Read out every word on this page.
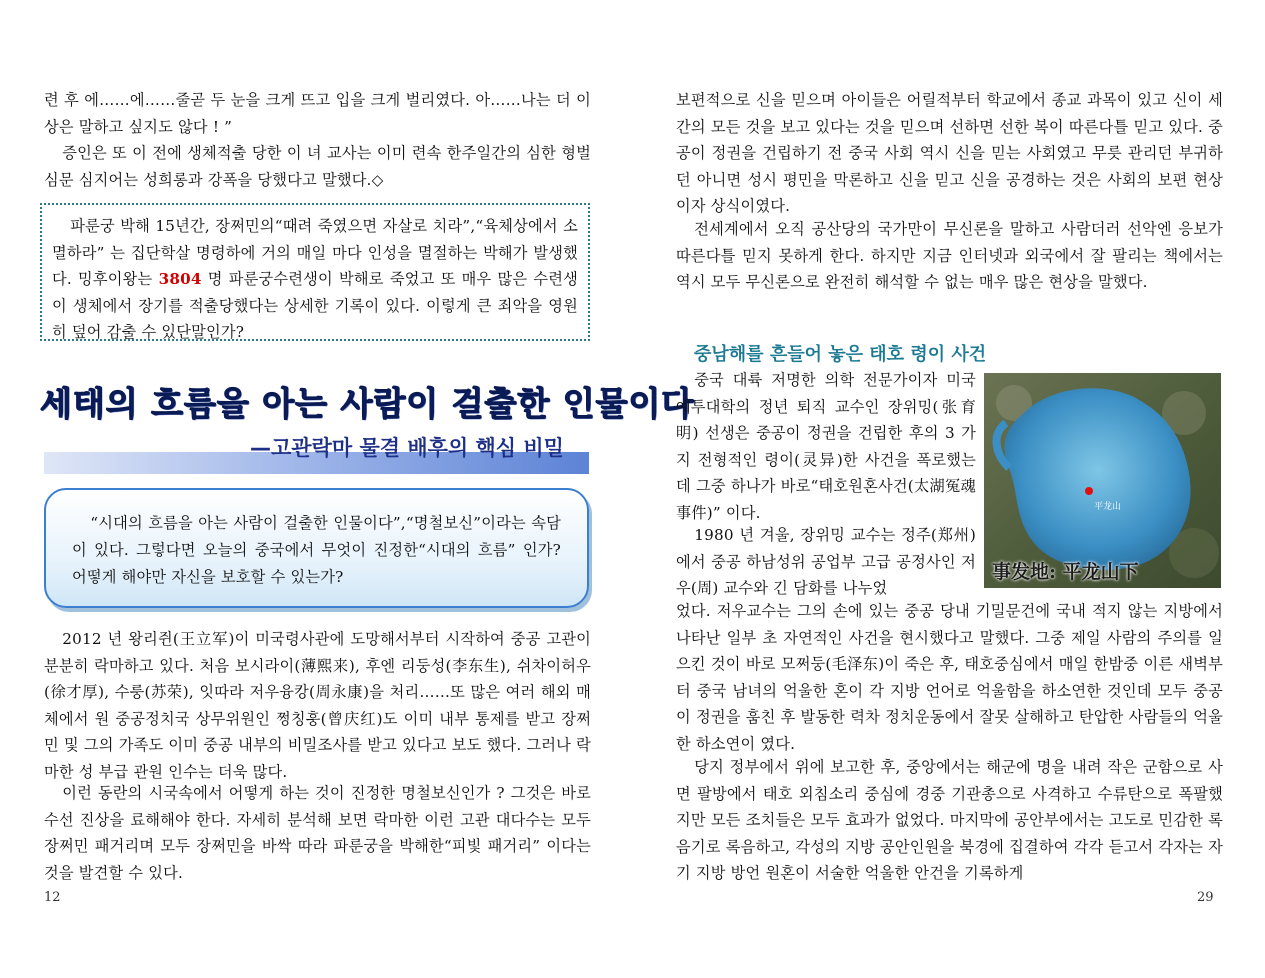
련 후 에……에……줄곧 두 눈을 크게 뜨고 입을 크게 벌리였다. 아……나는 더 이상은 말하고 싶지도 않다 ! ”

증인은 또 이 전에 생체적출 당한 이 녀 교사는 이미 련속 한주일간의 심한 형벌 심문 심지어는 성희롱과 강폭을 당했다고 말했다.◇

파룬궁 박해 15년간, 장쩌민의“때려 죽였으면 자살로 치라”,“육체상에서 소멸하라” 는 집단학살 명령하에 거의 매일 마다 인성을 멸절하는 박해가 발생했다. 밍후이왕는 3804 명 파룬궁수련생이 박해로 죽었고 또 매우 많은 수련생이 생체에서 장기를 적출당했다는 상세한 기록이 있다. 이렇게 큰 죄악을 영원히 덮어 감출 수 있단말인가?

세태의 흐름을 아는 사람이 걸출한 인물이다
—고관락마 물결 배후의 핵심 비밀

“시대의 흐름을 아는 사람이 걸출한 인물이다”,“명철보신”이라는 속담이 있다. 그렇다면 오늘의 중국에서 무엇이 진정한“시대의 흐름” 인가? 어떻게 해야만 자신을 보호할 수 있는가?

2012 년 왕리쥔(王立军)이 미국령사관에 도망해서부터 시작하여 중공 고관이 분분히 락마하고 있다. 처음 보시라이(薄熙来), 후엔 리둥성(李东生), 쉬차이허우(徐才厚), 수룽(苏荣), 잇따라 저우융캉(周永康)을 처리……또 많은 여러 해외 매체에서 원 중공정치국 상무위원인 쩡칭훙(曾庆红)도 이미 내부 통제를 받고 장쩌민 및 그의 가족도 이미 중공 내부의 비밀조사를 받고 있다고 보도 했다. 그러나 락마한 성 부급 관원 인수는 더욱 많다.

이런 동란의 시국속에서 어떻게 하는 것이 진정한 명철보신인가 ? 그것은 바로 수선 진상을 료해해야 한다. 자세히 분석해 보면 락마한 이런 고관 대다수는 모두 장쩌민 패거리며 모두 장쩌민을 바싹 따라 파룬궁을 박해한“피빛 패거리” 이다는 것을 발견할 수 있다.

12

보편적으로 신을 믿으며 아이들은 어릴적부터 학교에서 종교 과목이 있고 신이 세간의 모든 것을 보고 있다는 것을 믿으며 선하면 선한 복이 따른다틀 믿고 있다. 중공이 정권을 건립하기 전 중국 사회 역시 신을 믿는 사회였고 무릇 관리던 부귀하던 아니면 성시 평민을 막론하고 신을 믿고 신을 공경하는 것은 사회의 보편 현상이자 상식이였다.

전세계에서 오직 공산당의 국가만이 무신론을 말하고 사람더러 선악엔 응보가 따른다틀 믿지 못하게 한다. 하지만 지금 인터넷과 외국에서 잘 팔리는 책에서는 역시 모두 무신론으로 완전히 해석할 수 없는 매우 많은 현상을 말했다.

중남해를 흔들어 놓은 태호 령이 사건

중국 대륙 저명한 의학 전문가이자 미국 예투대학의 정년 퇴직 교수인 장위밍(张育明) 선생은 중공이 정권을 건립한 후의 3 가지 전형적인 령이(灵异)한 사건을 폭로했는데 그중 하나가 바로“태호원혼사건(太湖冤魂事件)” 이다.

1980 년 겨울, 장위밍 교수는 정주(郑州)에서 중공 하남성위 공업부 고급 공정사인 저우(周) 교수와 긴 담화를 나누었

平龙山
事发地: 平龙山下

었다. 저우교수는 그의 손에 있는 중공 당내 기밀문건에 국내 적지 않는 지방에서 나타난 일부 초 자연적인 사건을 현시했다고 말했다. 그중 제일 사람의 주의를 일으킨 것이 바로 모쩌둥(毛泽东)이 죽은 후, 태호중심에서 매일 한밤중 이른 새벽부터 중국 남녀의 억울한 혼이 각 지방 언어로 억울함을 하소연한 것인데 모두 중공이 정권을 훔친 후 발동한 력차 정치운동에서 잘못 살해하고 탄압한 사람들의 억울한 하소연이 였다.

당지 정부에서 위에 보고한 후, 중앙에서는 해군에 명을 내려 작은 군함으로 사면 팔방에서 태호 외침소리 중심에 경중 기관총으로 사격하고 수류탄으로 폭팔했지만 모든 조치들은 모두 효과가 없었다. 마지막에 공안부에서는 고도로 민감한 록음기로 록음하고, 각성의 지방 공안인원을 북경에 집결하여 각각 듣고서 각자는 자기 지방 방언 원혼이 서술한 억울한 안건을 기록하게

29
